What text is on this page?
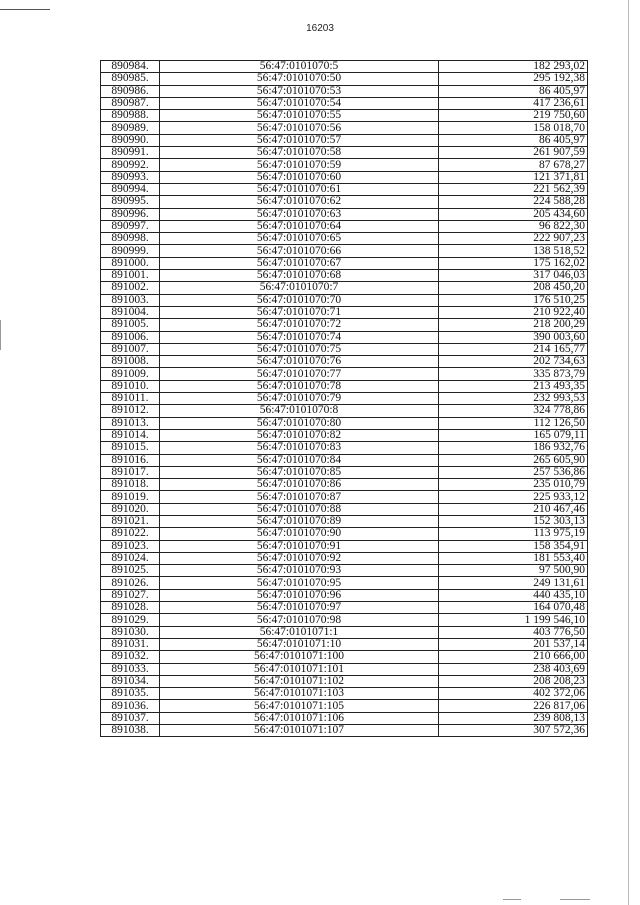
16203
890984.	56:47:0101070:5	182 293,02
890985.	56:47:0101070:50	295 192,38
890986.	56:47:0101070:53	86 405,97
890987.	56:47:0101070:54	417 236,61
890988.	56:47:0101070:55	219 750,60
890989.	56:47:0101070:56	158 018,70
890990.	56:47:0101070:57	86 405,97
890991.	56:47:0101070:58	261 907,59
890992.	56:47:0101070:59	87 678,27
890993.	56:47:0101070:60	121 371,81
890994.	56:47:0101070:61	221 562,39
890995.	56:47:0101070:62	224 588,28
890996.	56:47:0101070:63	205 434,60
890997.	56:47:0101070:64	96 822,30
890998.	56:47:0101070:65	222 907,23
890999.	56:47:0101070:66	138 518,52
891000.	56:47:0101070:67	175 162,02
891001.	56:47:0101070:68	317 046,03
891002.	56:47:0101070:7	208 450,20
891003.	56:47:0101070:70	176 510,25
891004.	56:47:0101070:71	210 922,40
891005.	56:47:0101070:72	218 200,29
891006.	56:47:0101070:74	390 003,60
891007.	56:47:0101070:75	214 165,77
891008.	56:47:0101070:76	202 734,63
891009.	56:47:0101070:77	335 873,79
891010.	56:47:0101070:78	213 493,35
891011.	56:47:0101070:79	232 993,53
891012.	56:47:0101070:8	324 778,86
891013.	56:47:0101070:80	112 126,50
891014.	56:47:0101070:82	165 079,11
891015.	56:47:0101070:83	186 932,76
891016.	56:47:0101070:84	265 605,90
891017.	56:47:0101070:85	257 536,86
891018.	56:47:0101070:86	235 010,79
891019.	56:47:0101070:87	225 933,12
891020.	56:47:0101070:88	210 467,46
891021.	56:47:0101070:89	152 303,13
891022.	56:47:0101070:90	113 975,19
891023.	56:47:0101070:91	158 354,91
891024.	56:47:0101070:92	181 553,40
891025.	56:47:0101070:93	97 500,90
891026.	56:47:0101070:95	249 131,61
891027.	56:47:0101070:96	440 435,10
891028.	56:47:0101070:97	164 070,48
891029.	56:47:0101070:98	1 199 546,10
891030.	56:47:0101071:1	403 776,50
891031.	56:47:0101071:10	201 537,14
891032.	56:47:0101071:100	210 666,00
891033.	56:47:0101071:101	238 403,69
891034.	56:47:0101071:102	208 208,23
891035.	56:47:0101071:103	402 372,06
891036.	56:47:0101071:105	226 817,06
891037.	56:47:0101071:106	239 808,13
891038.	56:47:0101071:107	307 572,36
